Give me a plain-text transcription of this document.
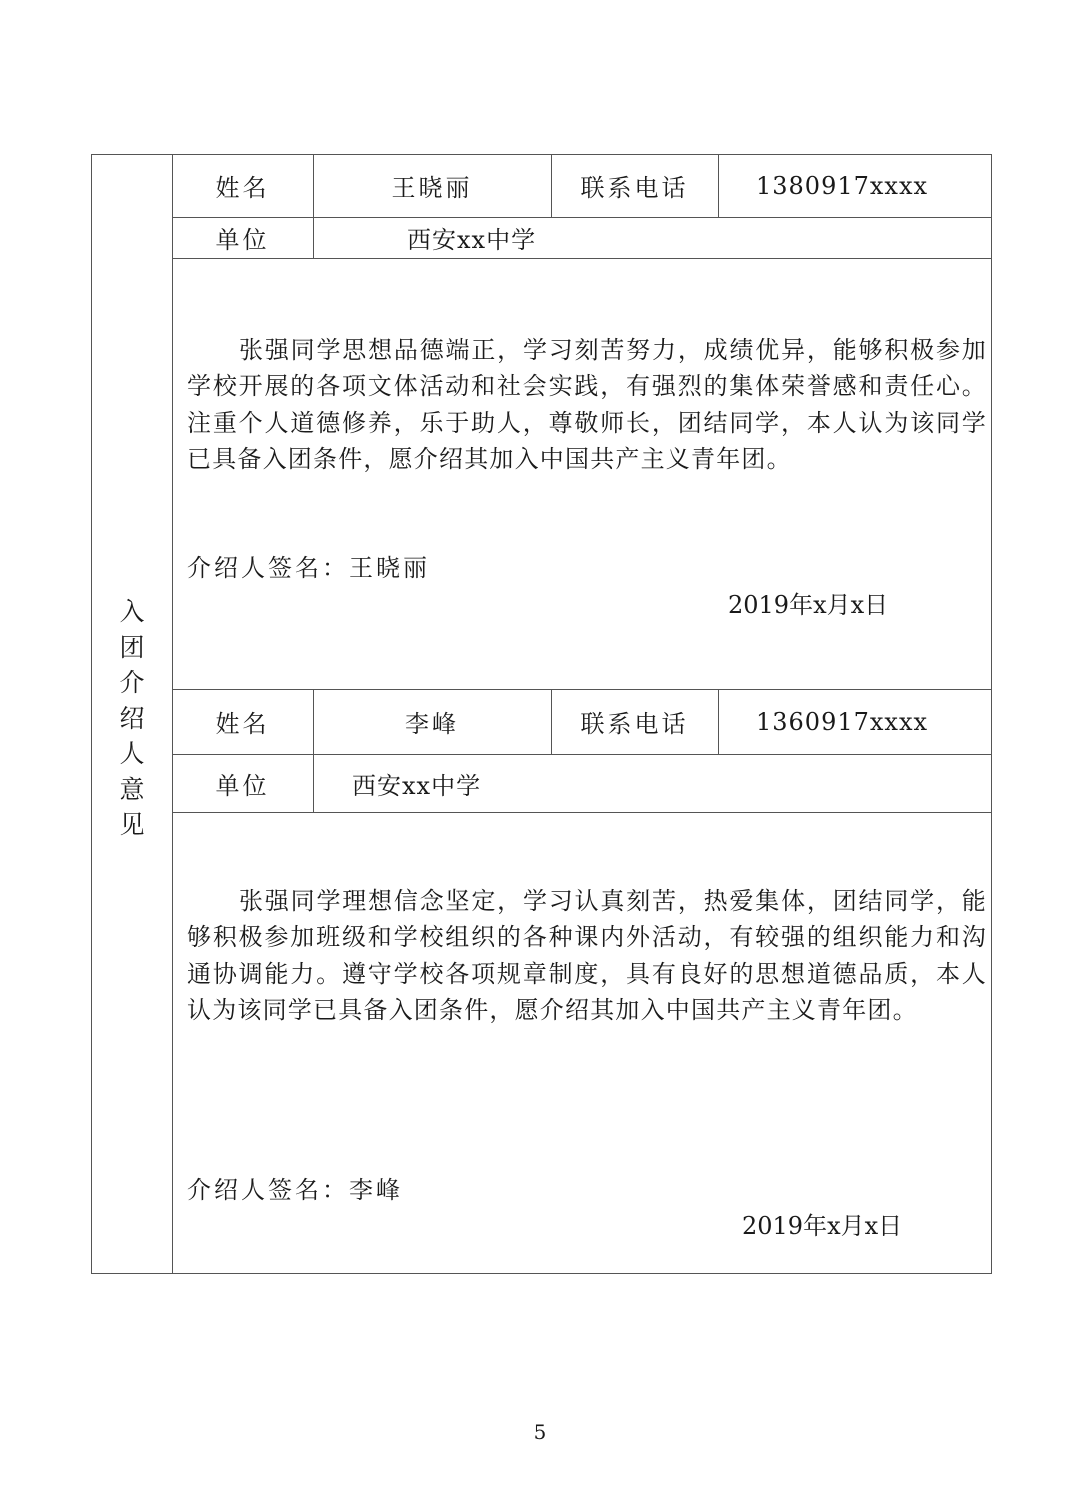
入
团
介
绍
人
意
见
姓名	王晓丽	联系电话	1380917xxxx
单位	西安xx中学

张强同学思想品德端正，学习刻苦努力，成绩优异，能够积极参加学校开展的各项文体活动和社会实践，有强烈的集体荣誉感和责任心。注重个人道德修养，乐于助人，尊敬师长，团结同学，本人认为该同学已具备入团条件，愿介绍其加入中国共产主义青年团。

介绍人签名：王晓丽
2019年x月x日
姓名	李峰	联系电话	1360917xxxx
单位	西安xx中学

张强同学理想信念坚定，学习认真刻苦，热爱集体，团结同学，能够积极参加班级和学校组织的各种课内外活动，有较强的组织能力和沟通协调能力。遵守学校各项规章制度，具有良好的思想道德品质，本人认为该同学已具备入团条件，愿介绍其加入中国共产主义青年团。

介绍人签名：李峰
2019年x月x日
5
